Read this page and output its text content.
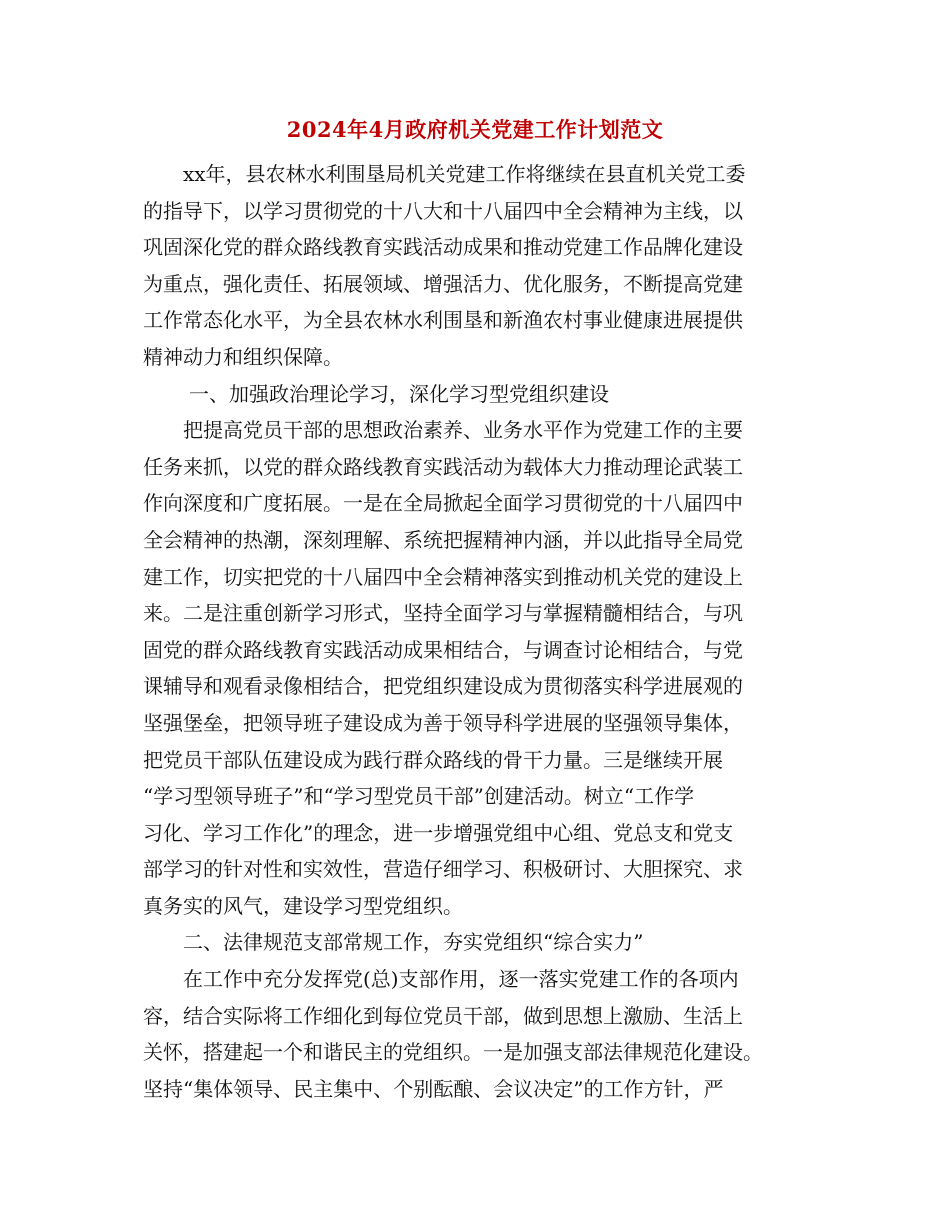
2024年4月政府机关党建工作计划范文
xx年，县农林水利围垦局机关党建工作将继续在县直机关党工委
的指导下，以学习贯彻党的十八大和十八届四中全会精神为主线，以
巩固深化党的群众路线教育实践活动成果和推动党建工作品牌化建设
为重点，强化责任、拓展领域、增强活力、优化服务，不断提高党建
工作常态化水平，为全县农林水利围垦和新渔农村事业健康进展提供
精神动力和组织保障。
一、加强政治理论学习，深化学习型党组织建设
把提高党员干部的思想政治素养、业务水平作为党建工作的主要
任务来抓，以党的群众路线教育实践活动为载体大力推动理论武装工
作向深度和广度拓展。一是在全局掀起全面学习贯彻党的十八届四中
全会精神的热潮，深刻理解、系统把握精神内涵，并以此指导全局党
建工作，切实把党的十八届四中全会精神落实到推动机关党的建设上
来。二是注重创新学习形式，坚持全面学习与掌握精髓相结合，与巩
固党的群众路线教育实践活动成果相结合，与调查讨论相结合，与党
课辅导和观看录像相结合，把党组织建设成为贯彻落实科学进展观的
坚强堡垒，把领导班子建设成为善于领导科学进展的坚强领导集体，
把党员干部队伍建设成为践行群众路线的骨干力量。三是继续开展
“学习型领导班子”和“学习型党员干部”创建活动。树立“工作学
习化、学习工作化”的理念，进一步增强党组中心组、党总支和党支
部学习的针对性和实效性，营造仔细学习、积极研讨、大胆探究、求
真务实的风气，建设学习型党组织。
二、法律规范支部常规工作，夯实党组织“综合实力”
在工作中充分发挥党(总)支部作用，逐一落实党建工作的各项内
容，结合实际将工作细化到每位党员干部，做到思想上激励、生活上
关怀，搭建起一个和谐民主的党组织。一是加强支部法律规范化建设。
坚持“集体领导、民主集中、个别酝酿、会议决定”的工作方针，严
